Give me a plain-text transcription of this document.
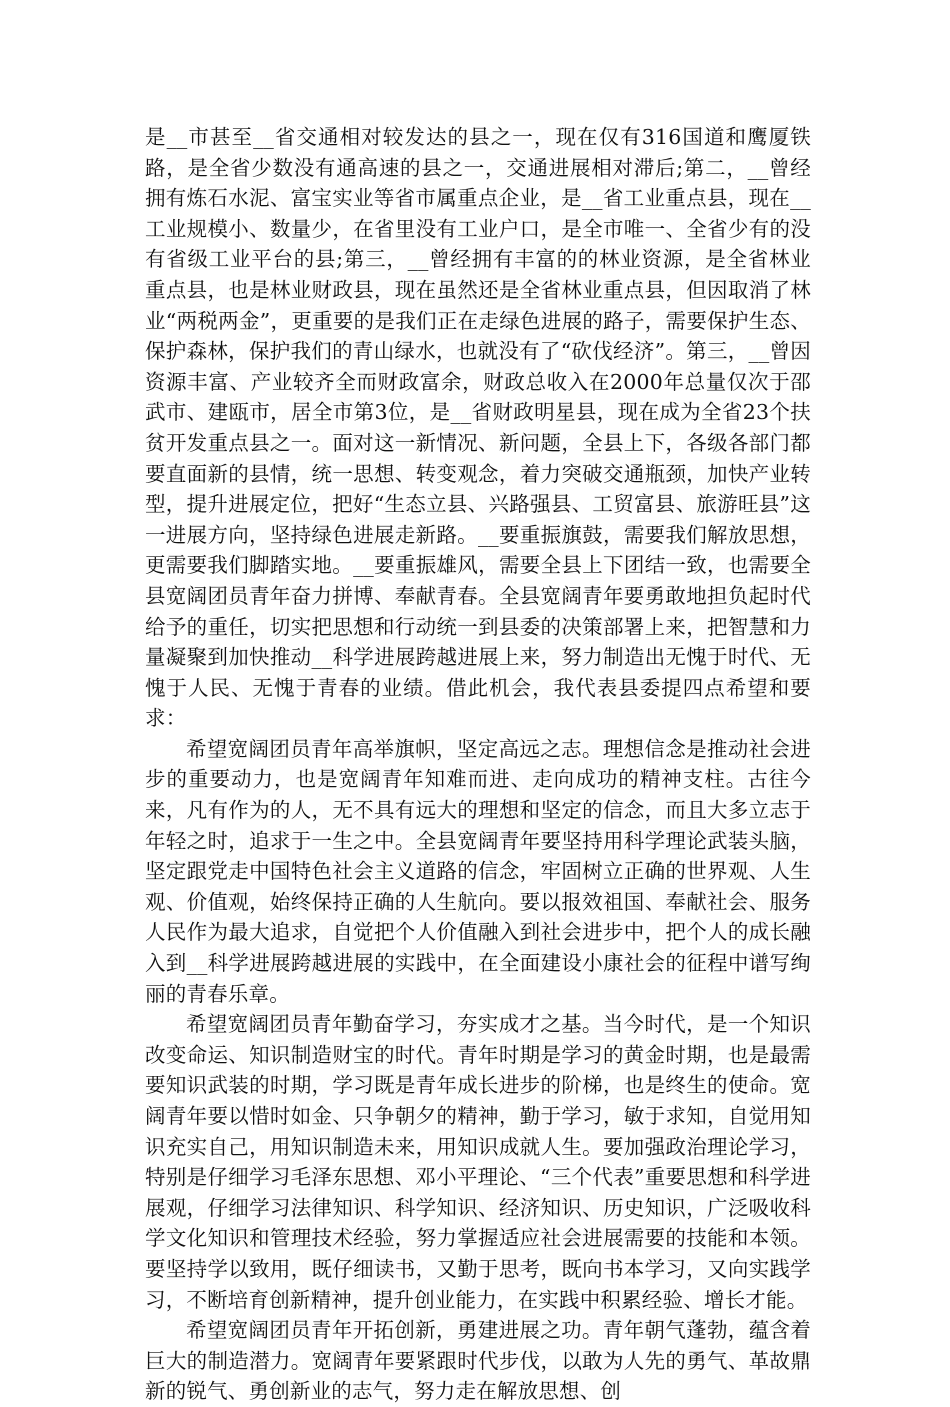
是__市甚至__省交通相对较发达的县之一，现在仅有316国道和鹰厦铁路，是全省少数没有通高速的县之一，交通进展相对滞后;第二，__曾经拥有炼石水泥、富宝实业等省市属重点企业，是__省工业重点县，现在__工业规模小、数量少，在省里没有工业户口，是全市唯一、全省少有的没有省级工业平台的县;第三，__曾经拥有丰富的的林业资源，是全省林业重点县，也是林业财政县，现在虽然还是全省林业重点县，但因取消了林业“两税两金”，更重要的是我们正在走绿色进展的路子，需要保护生态、保护森林，保护我们的青山绿水，也就没有了“砍伐经济”。第三，__曾因资源丰富、产业较齐全而财政富余，财政总收入在2000年总量仅次于邵武市、建瓯市，居全市第3位，是__省财政明星县，现在成为全省23个扶贫开发重点县之一。面对这一新情况、新问题，全县上下，各级各部门都要直面新的县情，统一思想、转变观念，着力突破交通瓶颈，加快产业转型，提升进展定位，把好“生态立县、兴路强县、工贸富县、旅游旺县”这一进展方向，坚持绿色进展走新路。__要重振旗鼓，需要我们解放思想，更需要我们脚踏实地。__要重振雄风，需要全县上下团结一致，也需要全县宽阔团员青年奋力拼博、奉献青春。全县宽阔青年要勇敢地担负起时代给予的重任，切实把思想和行动统一到县委的决策部署上来，把智慧和力量凝聚到加快推动__科学进展跨越进展上来，努力制造出无愧于时代、无愧于人民、无愧于青春的业绩。借此机会，我代表县委提四点希望和要求：

希望宽阔团员青年高举旗帜，坚定高远之志。理想信念是推动社会进步的重要动力，也是宽阔青年知难而进、走向成功的精神支柱。古往今来，凡有作为的人，无不具有远大的理想和坚定的信念，而且大多立志于年轻之时，追求于一生之中。全县宽阔青年要坚持用科学理论武装头脑，坚定跟党走中国特色社会主义道路的信念，牢固树立正确的世界观、人生观、价值观，始终保持正确的人生航向。要以报效祖国、奉献社会、服务人民作为最大追求，自觉把个人价值融入到社会进步中，把个人的成长融入到__科学进展跨越进展的实践中，在全面建设小康社会的征程中谱写绚丽的青春乐章。

希望宽阔团员青年勤奋学习，夯实成才之基。当今时代，是一个知识改变命运、知识制造财宝的时代。青年时期是学习的黄金时期，也是最需要知识武装的时期，学习既是青年成长进步的阶梯，也是终生的使命。宽阔青年要以惜时如金、只争朝夕的精神，勤于学习，敏于求知，自觉用知识充实自己，用知识制造未来，用知识成就人生。要加强政治理论学习，特别是仔细学习毛泽东思想、邓小平理论、“三个代表”重要思想和科学进展观，仔细学习法律知识、科学知识、经济知识、历史知识，广泛吸收科学文化知识和管理技术经验，努力掌握适应社会进展需要的技能和本领。要坚持学以致用，既仔细读书，又勤于思考，既向书本学习，又向实践学习，不断培育创新精神，提升创业能力，在实践中积累经验、增长才能。

希望宽阔团员青年开拓创新，勇建进展之功。青年朝气蓬勃，蕴含着巨大的制造潜力。宽阔青年要紧跟时代步伐，以敢为人先的勇气、革故鼎新的锐气、勇创新业的志气，努力走在解放思想、创
